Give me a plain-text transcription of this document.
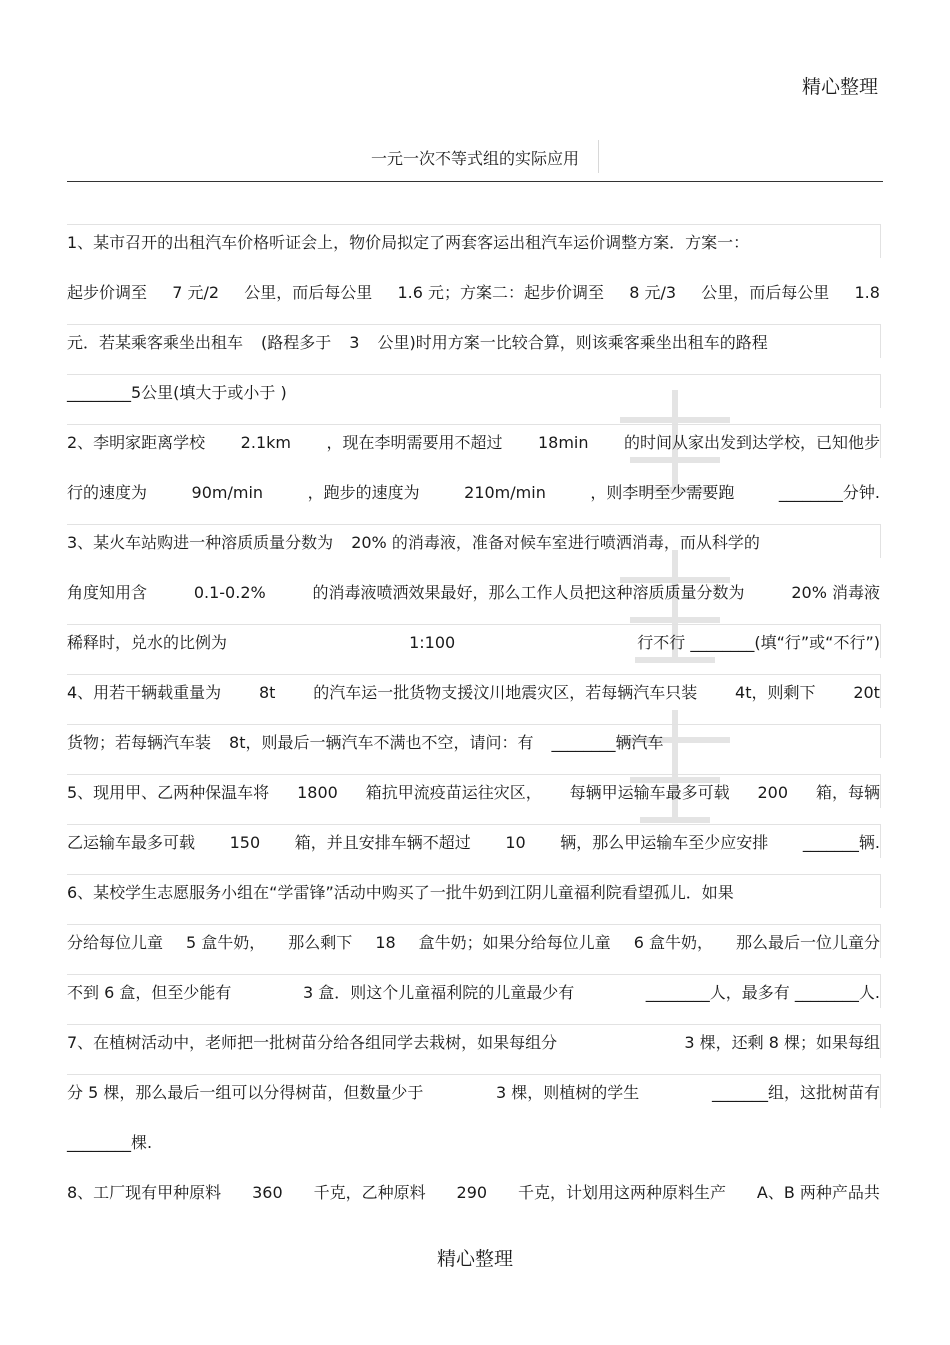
精心整理
一元一次不等式组的实际应用
1、某市召开的出租汽车价格听证会上，物价局拟定了两套客运出租汽车运价调整方案．方案一：
起步价调至 7 元/2 公里，而后每公里 1.6 元；方案二：起步价调至 8 元/3 公里，而后每公里 1.8
元．若某乘客乘坐出租车 (路程多于 3 公里)时用方案一比较合算，则该乘客乘坐出租车的路程
________5公里(填大于或小于 )
2、李明家距离学校 2.1km ，现在李明需要用不超过 18min 的时间从家出发到达学校，已知他步
行的速度为	90m/min	，跑步的速度为	210m/min	，则李明至少需要跑	________分钟.
3、某火车站购进一种溶质质量分数为 20% 的消毒液，准备对候车室进行喷洒消毒，而从科学的
角度知用含	0.1-0.2%	的消毒液喷洒效果最好，那么工作人员把这种溶质质量分数为	20% 消毒液
稀释时，兑水的比例为	1:100	行不行 ________(填“行”或“不行”)
4、用若干辆载重量为 8t 的汽车运一批货物支援汶川地震灾区，若每辆汽车只装 4t，则剩下 20t
货物；若每辆汽车装 8t，则最后一辆汽车不满也不空，请问：有 ________辆汽车
5、现用甲、乙两种保温车将 1800 箱抗甲流疫苗运往灾区， 每辆甲运输车最多可载 200 箱，每辆
乙运输车最多可载 150 箱，并且安排车辆不超过 10 辆，那么甲运输车至少应安排 _______辆.
6、某校学生志愿服务小组在“学雷锋”活动中购买了一批牛奶到江阴儿童福利院看望孤儿．如果
分给每位儿童 5 盒牛奶， 那么剩下 18 盒牛奶；如果分给每位儿童 6 盒牛奶， 那么最后一位儿童分
不到 6 盒，但至少能有	3 盒．则这个儿童福利院的儿童最少有	________人，最多有 ________人.
7、在植树活动中，老师把一批树苗分给各组同学去栽树，如果每组分	3 棵，还剩 8 棵；如果每组
分 5 棵，那么最后一组可以分得树苗，但数量少于	3 棵，则植树的学生	_______组，这批树苗有
________棵.
8、工厂现有甲种原料 360 千克，乙种原料 290 千克，计划用这两种原料生产 A、B 两种产品共
精心整理
